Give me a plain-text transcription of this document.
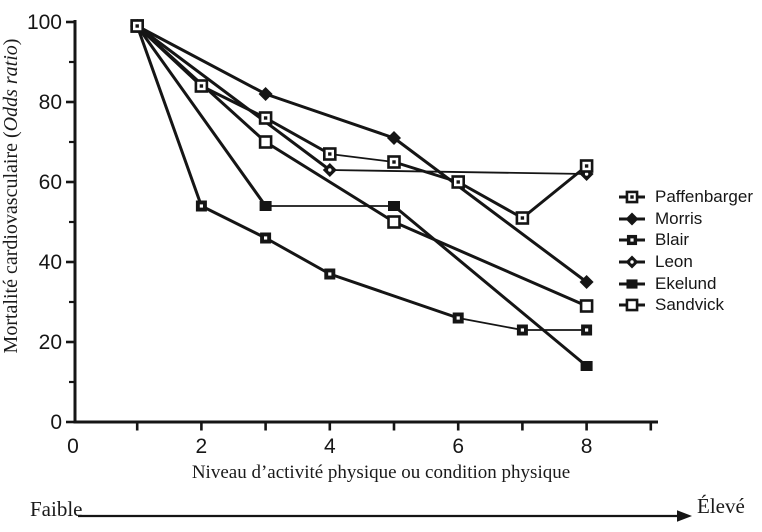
0
20
40
60
80
100
0	2	4	6	8
Mortalité cardiovasculaire (Odds ratio)
Niveau d’activité physique ou condition physique
Faible	Élevé
Paffenbarger
Morris
Blair
Leon
Ekelund
Sandvick
